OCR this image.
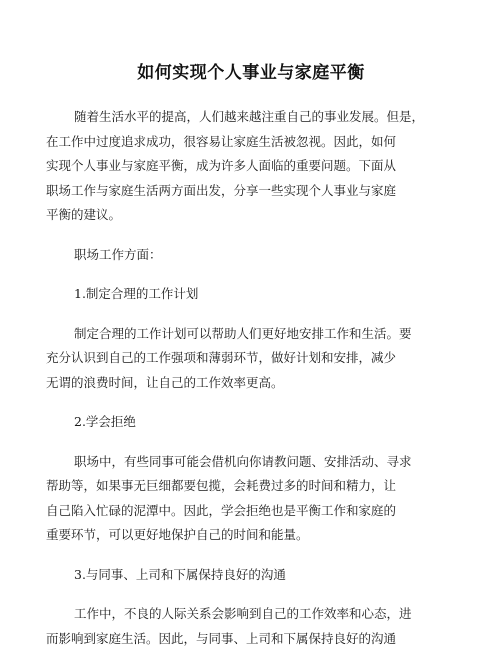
如何实现个人事业与家庭平衡
随着生活水平的提高，人们越来越注重自己的事业发展。但是，
在工作中过度追求成功，很容易让家庭生活被忽视。因此，如何
实现个人事业与家庭平衡，成为许多人面临的重要问题。下面从
职场工作与家庭生活两方面出发，分享一些实现个人事业与家庭
平衡的建议。
职场工作方面：
1.制定合理的工作计划
制定合理的工作计划可以帮助人们更好地安排工作和生活。要
充分认识到自己的工作强项和薄弱环节，做好计划和安排，减少
无谓的浪费时间，让自己的工作效率更高。
2.学会拒绝
职场中，有些同事可能会借机向你请教问题、安排活动、寻求
帮助等，如果事无巨细都要包揽，会耗费过多的时间和精力，让
自己陷入忙碌的泥潭中。因此，学会拒绝也是平衡工作和家庭的
重要环节，可以更好地保护自己的时间和能量。
3.与同事、上司和下属保持良好的沟通
工作中，不良的人际关系会影响到自己的工作效率和心态，进
而影响到家庭生活。因此，与同事、上司和下属保持良好的沟通
